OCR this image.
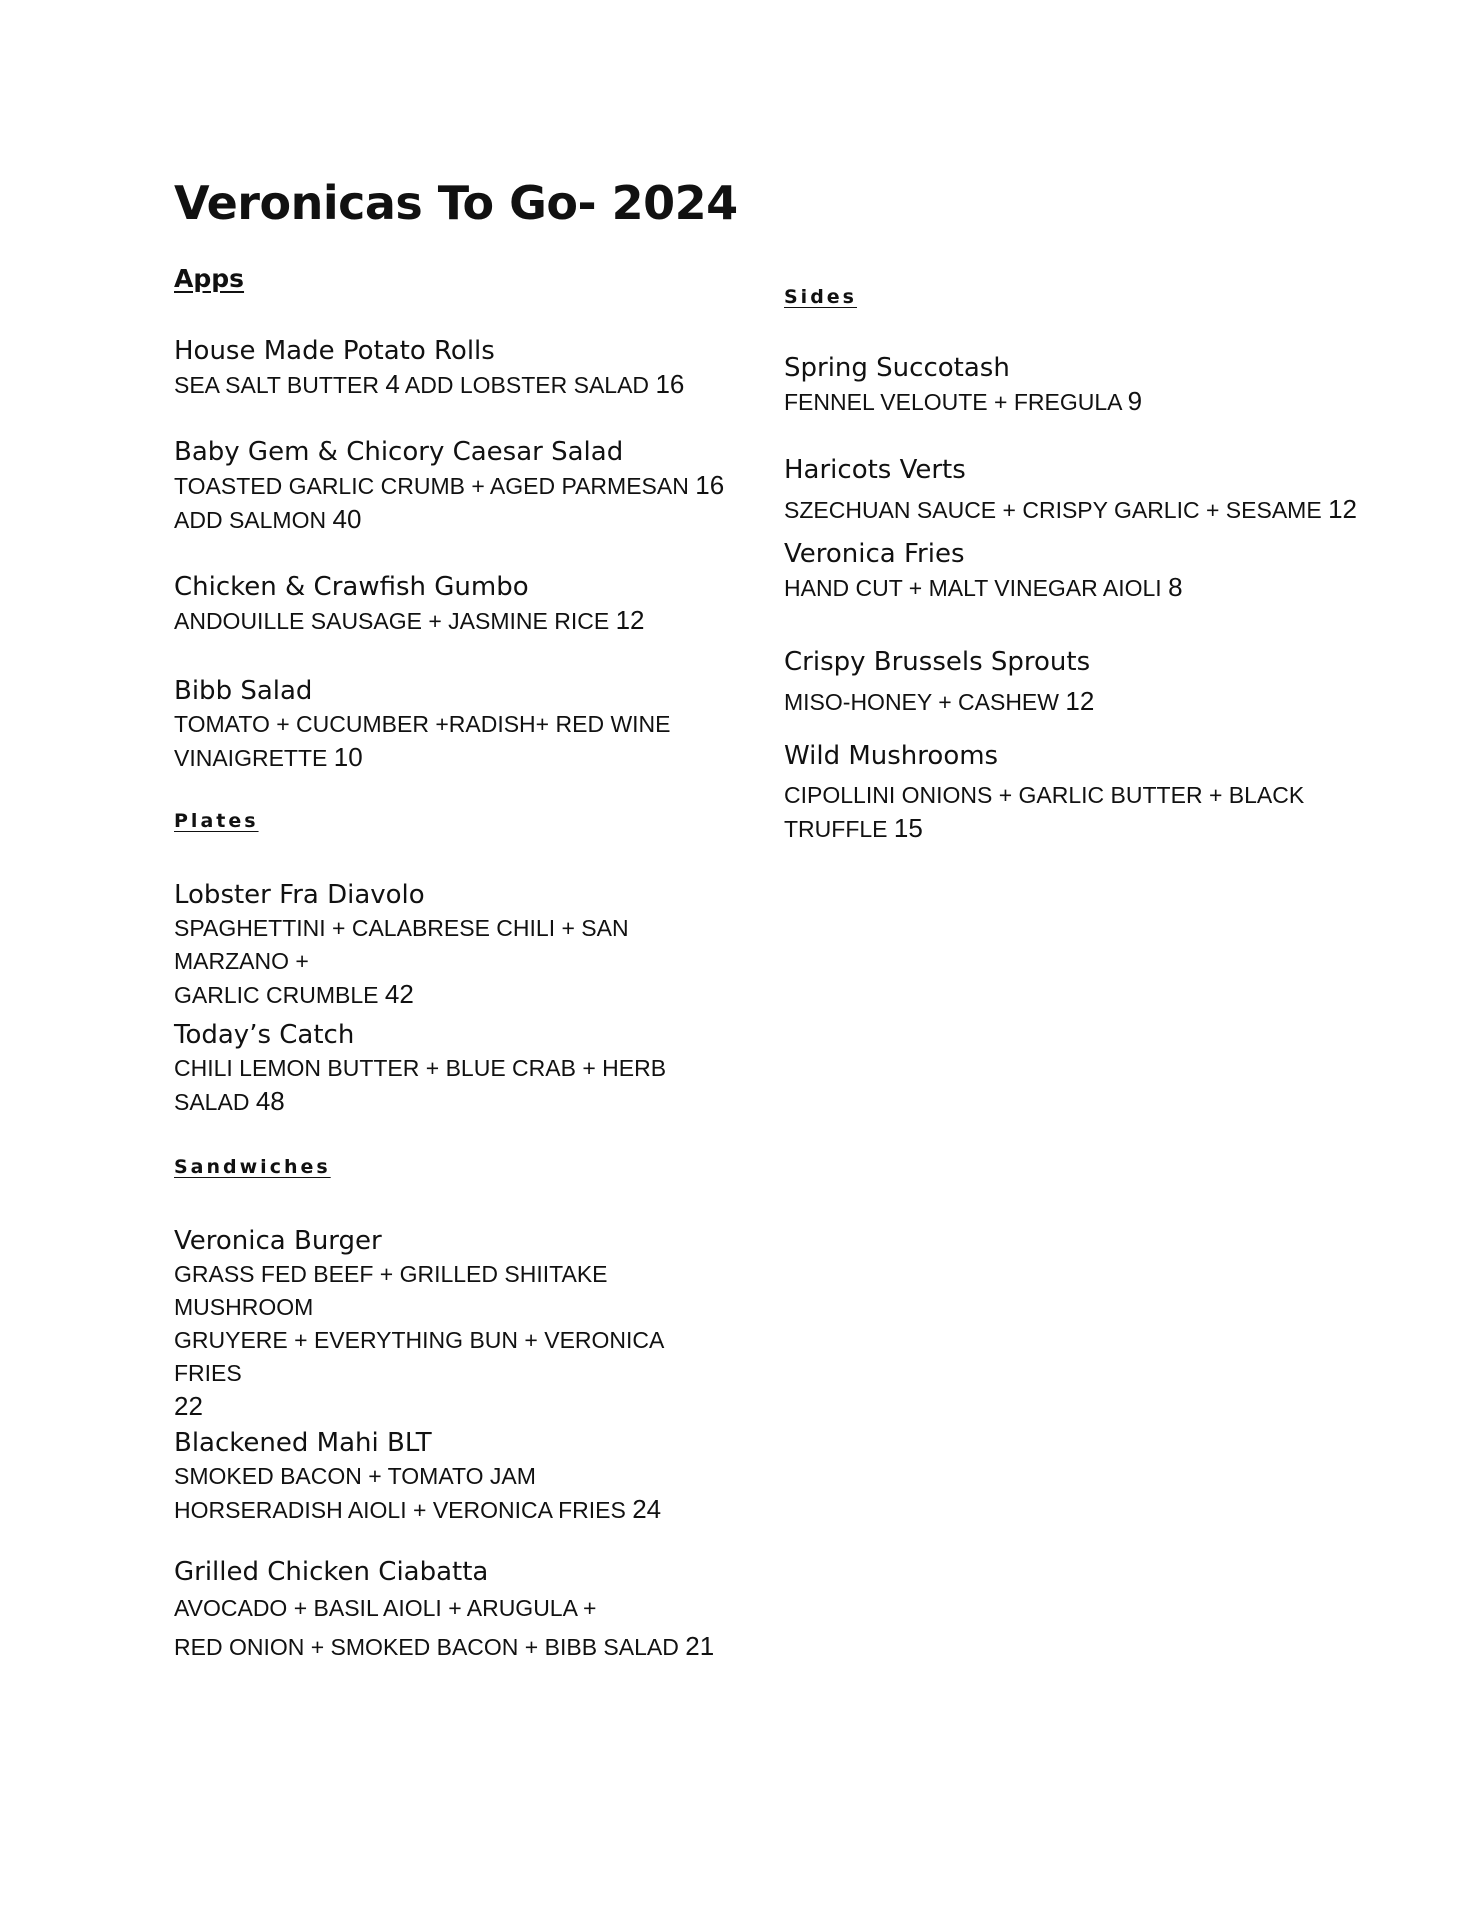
Veronicas To Go- 2024
Apps
House Made Potato Rolls
SEA SALT BUTTER 4 ADD LOBSTER SALAD 16
Baby Gem & Chicory Caesar Salad
TOASTED GARLIC CRUMB + AGED PARMESAN 16
ADD SALMON 40
Chicken & Crawfish Gumbo
ANDOUILLE SAUSAGE + JASMINE RICE 12
Bibb Salad
TOMATO + CUCUMBER +RADISH+ RED WINE
VINAIGRETTE 10
Plates
Lobster Fra Diavolo
SPAGHETTINI + CALABRESE CHILI + SAN MARZANO +
GARLIC CRUMBLE 42
Today’s Catch
CHILI LEMON BUTTER + BLUE CRAB + HERB
SALAD 48
Sandwiches
Veronica Burger
GRASS FED BEEF + GRILLED SHIITAKE
MUSHROOM
GRUYERE + EVERYTHING BUN + VERONICA FRIES
22
Blackened Mahi BLT
SMOKED BACON + TOMATO JAM
HORSERADISH AIOLI + VERONICA FRIES 24
Grilled Chicken Ciabatta
AVOCADO + BASIL AIOLI + ARUGULA +
RED ONION + SMOKED BACON + BIBB SALAD 21
Sides
Spring Succotash
FENNEL VELOUTE + FREGULA 9
Haricots Verts
SZECHUAN SAUCE + CRISPY GARLIC + SESAME 12
Veronica Fries
HAND CUT + MALT VINEGAR AIOLI 8
Crispy Brussels Sprouts
MISO-HONEY + CASHEW 12
Wild Mushrooms
CIPOLLINI ONIONS + GARLIC BUTTER + BLACK
TRUFFLE 15
